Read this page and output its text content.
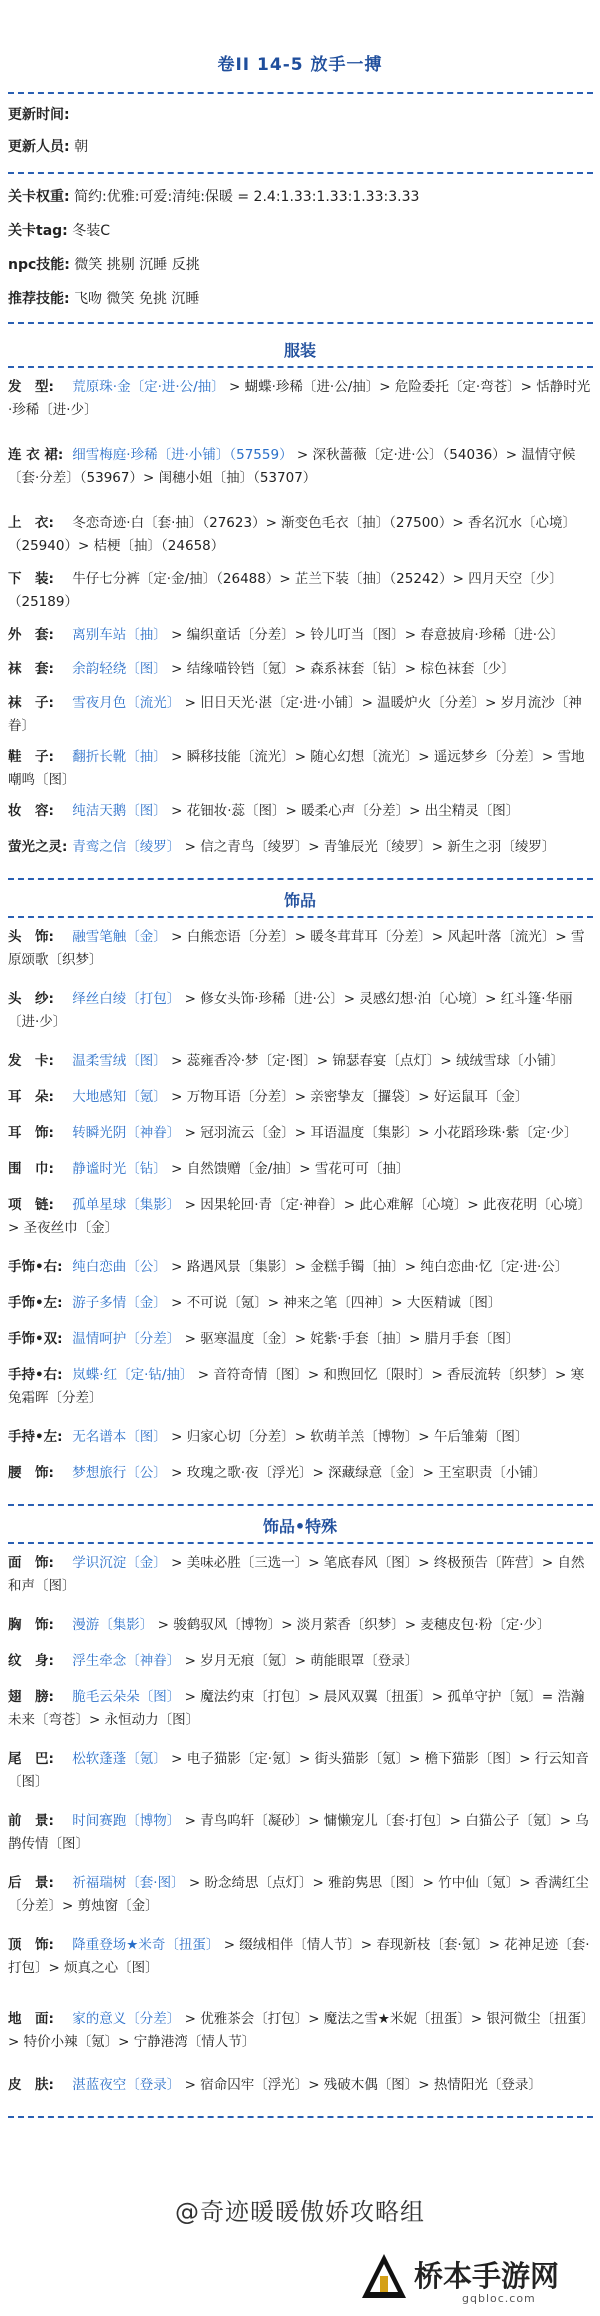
卷II 14-5 放手一搏
更新时间:
更新人员: 朝
关卡权重: 简约:优雅:可爱:清纯:保暖 = 2.4:1.33:1.33:1.33:3.33
关卡tag: 冬装C
npc技能: 微笑 挑剔 沉睡 反挑
推荐技能: 飞吻 微笑 免挑 沉睡
服装
发　型: 荒原珠·金〔定·进·公/抽〕 > 蝴蝶·珍稀〔进·公/抽〕> 危险委托〔定·弯苍〕> 恬静时光·珍稀〔进·少〕
连 衣 裙: 细雪梅庭·珍稀〔进·小铺〕（57559） > 深秋蔷薇〔定·进·公〕（54036）> 温情守候〔套·分差〕（53967）> 闺穗小姐〔抽〕（53707）
上　衣: 冬恋奇迹·白〔套·抽〕（27623）> 渐变色毛衣〔抽〕（27500）> 香名沉水〔心境〕（25940）> 桔梗〔抽〕（24658）
下　装: 牛仔七分裤〔定·金/抽〕（26488）> 芷兰下装〔抽〕（25242）> 四月天空〔少〕（25189）
外　套: 离别车站〔抽〕 > 编织童话〔分差〕> 铃儿叮当〔图〕> 春意披肩·珍稀〔进·公〕
袜　套: 余韵轻绕〔图〕 > 结缘喵铃铛〔氪〕> 森系袜套〔钻〕> 棕色袜套〔少〕
袜　子: 雪夜月色〔流光〕 > 旧日天光·湛〔定·进·小铺〕> 温暖炉火〔分差〕> 岁月流沙〔神眷〕
鞋　子: 翻折长靴〔抽〕 > 瞬移技能〔流光〕> 随心幻想〔流光〕> 遥远梦乡〔分差〕> 雪地嘲鸣〔图〕
妆　容: 纯洁天鹅〔图〕 > 花钿妆·蕊〔图〕> 暖柔心声〔分差〕> 出尘精灵〔图〕
萤光之灵: 青鸾之信〔绫罗〕 > 信之青鸟〔绫罗〕> 青雏辰光〔绫罗〕> 新生之羽〔绫罗〕
饰品
头　饰: 融雪笔触〔金〕 > 白熊恋语〔分差〕> 暖冬茸茸耳〔分差〕> 风起叶落〔流光〕> 雪原颂歌〔织梦〕
头　纱: 绎丝白绫〔打包〕 > 修女头饰·珍稀〔进·公〕> 灵感幻想·泊〔心境〕> 红斗篷·华丽〔进·少〕
发　卡: 温柔雪绒〔图〕 > 蕊雍香冷·梦〔定·图〕> 锦瑟春宴〔点灯〕> 绒绒雪球〔小铺〕
耳　朵: 大地感知〔氪〕 > 万物耳语〔分差〕> 亲密挚友〔攞袋〕> 好运鼠耳〔金〕
耳　饰: 转瞬光阴〔神眷〕 > 冠羽流云〔金〕> 耳语温度〔集影〕> 小花蹈珍珠·紫〔定·少〕
围　巾: 静谧时光〔钻〕 > 自然馈赠〔金/抽〕> 雪花可可〔抽〕
项　链: 孤单星球〔集影〕 > 因果轮回·青〔定·神眷〕> 此心难解〔心境〕> 此夜花明〔心境〕> 圣夜丝巾〔金〕
手饰•右: 纯白恋曲〔公〕 > 路遇风景〔集影〕> 金糕手镯〔抽〕> 纯白恋曲·忆〔定·进·公〕
手饰•左: 游子多情〔金〕 > 不可说〔氪〕> 神来之笔〔四神〕> 大医精诚〔图〕
手饰•双: 温情呵护〔分差〕 > 驱寒温度〔金〕> 姹紫·手套〔抽〕> 腊月手套〔图〕
手持•右: 岚蝶·红〔定·钻/抽〕 > 音符奇情〔图〕> 和煦回忆〔限时〕> 香辰流转〔织梦〕> 寒兔霜晖〔分差〕
手持•左: 无名谱本〔图〕 > 归家心切〔分差〕> 软萌羊羔〔博物〕> 午后雏菊〔图〕
腰　饰: 梦想旅行〔公〕 > 玫瑰之歌·夜〔浮光〕> 深藏绿意〔金〕> 王室职责〔小铺〕
饰品•特殊
面　饰: 学识沉淀〔金〕 > 美味必胜〔三选一〕> 笔底春风〔图〕> 终极预告〔阵营〕> 自然和声〔图〕
胸　饰: 漫游〔集影〕 > 骏鹤驭风〔博物〕> 淡月萦香〔织梦〕> 麦穗皮包·粉〔定·少〕
纹　身: 浮生牵念〔神眷〕 > 岁月无痕〔氪〕> 萌能眼罩〔登录〕
翅　膀: 脆毛云朵朵〔图〕 > 魔法约束〔打包〕> 晨风双翼〔扭蛋〕> 孤单守护〔氪〕= 浩瀚未来〔弯苍〕> 永恒动力〔图〕
尾　巴: 松软蓬蓬〔氪〕 > 电子猫影〔定·氪〕> 街头猫影〔氪〕> 檐下猫影〔图〕> 行云知音〔图〕
前　景: 时间赛跑〔博物〕 > 青鸟呜轩〔凝砂〕> 慵懒宠儿〔套·打包〕> 白猫公子〔氪〕> 乌鹊传情〔图〕
后　景: 祈福瑞树〔套·图〕 > 盼念绮思〔点灯〕> 雅韵隽思〔图〕> 竹中仙〔氪〕> 香满红尘〔分差〕> 剪烛窗〔金〕
顶　饰: 降重登场★米奇〔扭蛋〕 > 缀绒相伴〔情人节〕> 春现新枝〔套·氪〕> 花神足迹〔套·打包〕> 烦真之心〔图〕
地　面: 家的意义〔分差〕 > 优雅茶会〔打包〕> 魔法之雪★米妮〔扭蛋〕> 银河微尘〔扭蛋〕> 特价小辣〔氪〕> 宁静港湾〔情人节〕
皮　肤: 湛蓝夜空〔登录〕 > 宿命囚牢〔浮光〕> 残破木偶〔图〕> 热情阳光〔登录〕
@奇迹暖暖傲娇攻略组
桥本手游网
gqbloc.com
